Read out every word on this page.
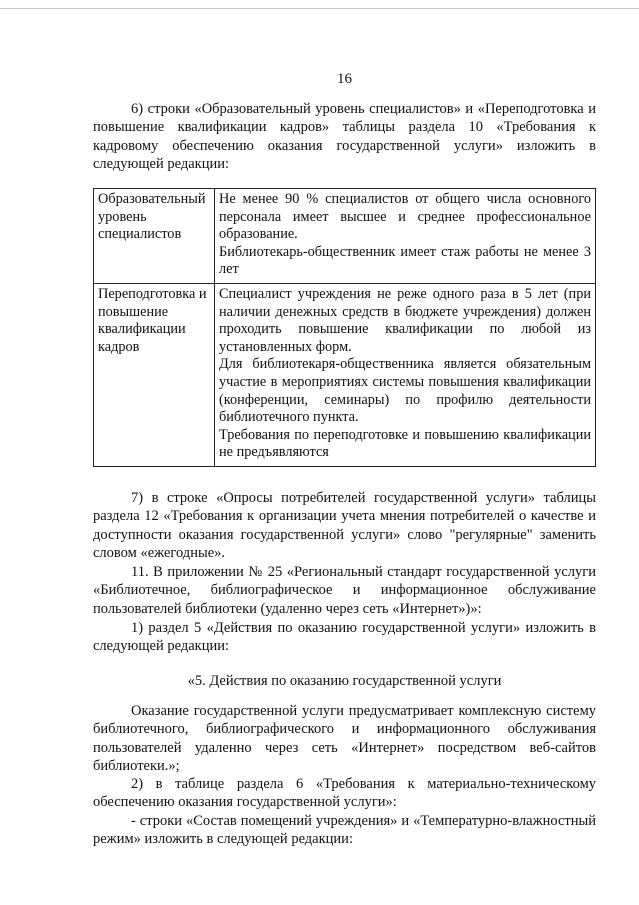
16

6) строки «Образовательный уровень специалистов» и «Переподготовка и повышение квалификации кадров» таблицы раздела 10 «Требования к кадровому обеспечению оказания государственной услуги» изложить в следующей редакции:

Образовательный уровень специалистов	Не менее 90 % специалистов от общего числа основного персонала имеет высшее и среднее профессиональное образование.

Библиотекарь-общественник имеет стаж работы не менее 3 лет

Переподготовка и повышение квалификации кадров	Специалист учреждения не реже одного раза в 5 лет (при наличии денежных средств в бюджете учреждения) должен проходить повышение квалификации по любой из установленных форм.

Для библиотекаря-общественника является обязательным участие в мероприятиях системы повышения квалификации (конференции, семинары) по профилю деятельности библиотечного пункта.

Требования по переподготовке и повышению квалификации не предъявляются

7) в строке «Опросы потребителей государственной услуги» таблицы раздела 12 «Требования к организации учета мнения потребителей о качестве и доступности оказания государственной услуги» слово "регулярные" заменить словом «ежегодные».

11. В приложении № 25 «Региональный стандарт государственной услуги «Библиотечное, библиографическое и информационное обслуживание пользователей библиотеки (удаленно через сеть «Интернет»)»:

1) раздел 5 «Действия по оказанию государственной услуги» изложить в следующей редакции:

«5. Действия по оказанию государственной услуги

Оказание государственной услуги предусматривает комплексную систему библиотечного, библиографического и информационного обслуживания пользователей удаленно через сеть «Интернет» посредством веб-сайтов библиотеки.»;

2) в таблице раздела 6 «Требования к материально-техническому обеспечению оказания государственной услуги»:

- строки «Состав помещений учреждения» и «Температурно-влажностный режим» изложить в следующей редакции:
